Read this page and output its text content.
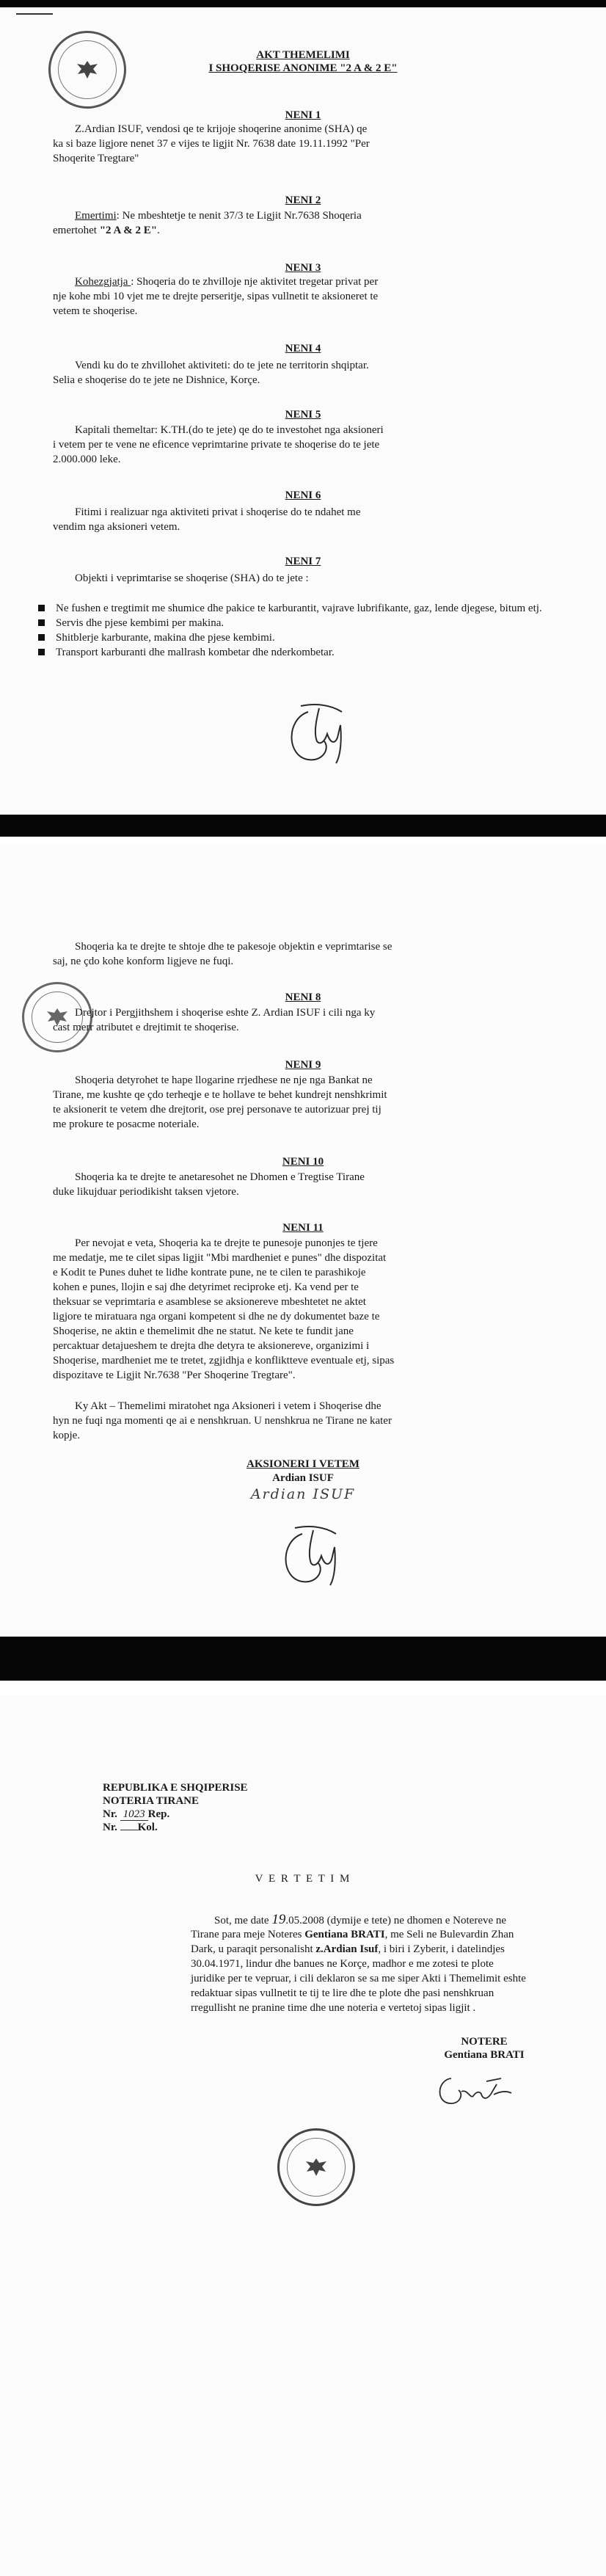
AKT THEMELIMI
I SHOQERISE ANONIME "2 A & 2 E"
NENI 1
Z.Ardian ISUF, vendosi qe te krijoje shoqerine anonime (SHA) qe
ka si baze ligjore nenet 37 e vijes te ligjit Nr. 7638 date 19.11.1992 "Per
Shoqerite Tregtare"
NENI 2
Emertimi: Ne mbeshtetje te nenit 37/3 te Ligjit Nr.7638 Shoqeria
emertohet "2 A & 2 E".
NENI 3
Kohezgjatja : Shoqeria do te zhvilloje nje aktivitet tregetar privat per
nje kohe mbi 10 vjet me te drejte perseritje, sipas vullnetit te aksioneret te
vetem te shoqerise.
NENI 4
Vendi ku do te zhvillohet aktiviteti: do te jete ne territorin shqiptar.
Selia e shoqerise do te jete ne Dishnice, Korçe.
NENI 5
Kapitali themeltar: K.TH.(do te jete) qe do te investohet nga aksioneri
i vetem per te vene ne eficence veprimtarine private te shoqerise do te jete
2.000.000 leke.
NENI 6
Fitimi i realizuar nga aktiviteti privat i shoqerise do te ndahet me
vendim nga aksioneri vetem.
NENI 7
Objekti i veprimtarise se shoqerise (SHA) do te jete :
Ne fushen e tregtimit me shumice dhe pakice te karburantit, vajrave lubrifikante, gaz, lende djegese, bitum etj.
Servis dhe pjese kembimi per makina.
Shitblerje karburante, makina dhe pjese kembimi.
Transport karburanti dhe mallrash kombetar dhe nderkombetar.
Shoqeria ka te drejte te shtoje dhe te pakesoje objektin e veprimtarise se
saj, ne çdo kohe konform ligjeve ne fuqi.
NENI 8
Drejtor i Pergjithshem i shoqerise eshte Z. Ardian ISUF i cili nga ky
cast merr atributet e drejtimit te shoqerise.
NENI 9
Shoqeria detyrohet te hape llogarine rrjedhese ne nje nga Bankat ne
Tirane, me kushte qe çdo terheqje e te hollave te behet kundrejt nenshkrimit
te aksionerit te vetem dhe drejtorit, ose prej personave te autorizuar prej tij
me prokure te posacme noteriale.
NENI 10
Shoqeria ka te drejte te anetaresohet ne Dhomen e Tregtise Tirane
duke likujduar periodikisht taksen vjetore.
NENI 11
Per nevojat e veta, Shoqeria ka te drejte te punesoje punonjes te tjere
me medatje, me te cilet sipas ligjit "Mbi mardheniet e punes" dhe dispozitat
e Kodit te Punes duhet te lidhe kontrate pune, ne te cilen te parashikoje
kohen e punes, llojin e saj dhe detyrimet reciproke etj. Ka vend per te
theksuar se veprimtaria e asamblese se aksionereve mbeshtetet ne aktet
ligjore te miratuara nga organi kompetent si dhe ne dy dokumentet baze te
Shoqerise, ne aktin e themelimit dhe ne statut. Ne kete te fundit jane
percaktuar detajueshem te drejta dhe detyra te aksionereve, organizimi i
Shoqerise, mardheniet me te tretet, zgjidhja e konfliktteve eventuale etj, sipas
dispozitave te Ligjit Nr.7638 "Per Shoqerine Tregtare".
Ky Akt – Themelimi miratohet nga Aksioneri i vetem i Shoqerise dhe
hyn ne fuqi nga momenti qe ai e nenshkruan. U nenshkrua ne Tirane ne kater
kopje.
AKSIONERI I VETEM
Ardian ISUF
Ardian ISUF
REPUBLIKA E SHQIPERISE
NOTERIA TIRANE
Nr. 1023 Rep.
Nr. Kol.
V E R T E T I M
Sot, me date 19.05.2008 (dymije e tete) ne dhomen e Notereve ne
Tirane para meje Noteres Gentiana BRATI, me Seli ne Bulevardin Zhan
Dark, u paraqit personalisht z.Ardian Isuf, i biri i Zyberit, i datelindjes
30.04.1971, lindur dhe banues ne Korçe, madhor e me zotesi te plote
juridike per te vepruar, i cili deklaron se sa me siper Akti i Themelimit eshte
redaktuar sipas vullnetit te tij te lire dhe te plote dhe pasi nenshkruan
rregullisht ne pranine time dhe une noteria e vertetoj sipas ligjit .
NOTERE
Gentiana BRATI
